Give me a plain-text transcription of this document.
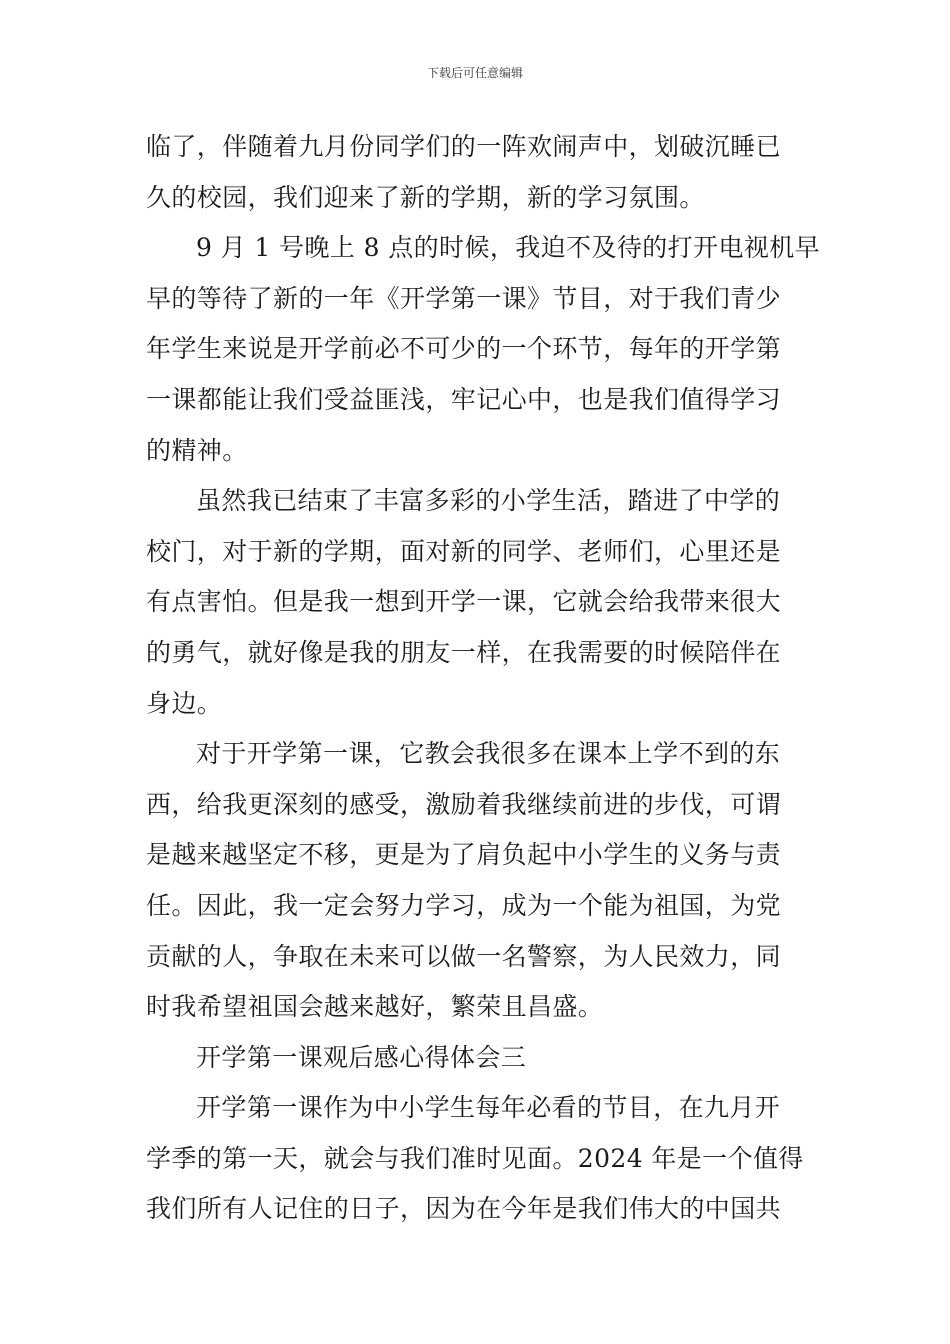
下载后可任意编辑
临了，伴随着九月份同学们的一阵欢闹声中，划破沉睡已
久的校园，我们迎来了新的学期，新的学习氛围。
9 月 1 号晚上 8 点的时候，我迫不及待的打开电视机早
早的等待了新的一年《开学第一课》节目，对于我们青少
年学生来说是开学前必不可少的一个环节，每年的开学第
一课都能让我们受益匪浅，牢记心中，也是我们值得学习
的精神。
虽然我已结束了丰富多彩的小学生活，踏进了中学的
校门，对于新的学期，面对新的同学、老师们，心里还是
有点害怕。但是我一想到开学一课，它就会给我带来很大
的勇气，就好像是我的朋友一样，在我需要的时候陪伴在
身边。
对于开学第一课，它教会我很多在课本上学不到的东
西，给我更深刻的感受，激励着我继续前进的步伐，可谓
是越来越坚定不移，更是为了肩负起中小学生的义务与责
任。因此，我一定会努力学习，成为一个能为祖国，为党
贡献的人，争取在未来可以做一名警察，为人民效力，同
时我希望祖国会越来越好，繁荣且昌盛。
开学第一课观后感心得体会三
开学第一课作为中小学生每年必看的节目，在九月开
学季的第一天，就会与我们准时见面。2024 年是一个值得
我们所有人记住的日子，因为在今年是我们伟大的中国共
